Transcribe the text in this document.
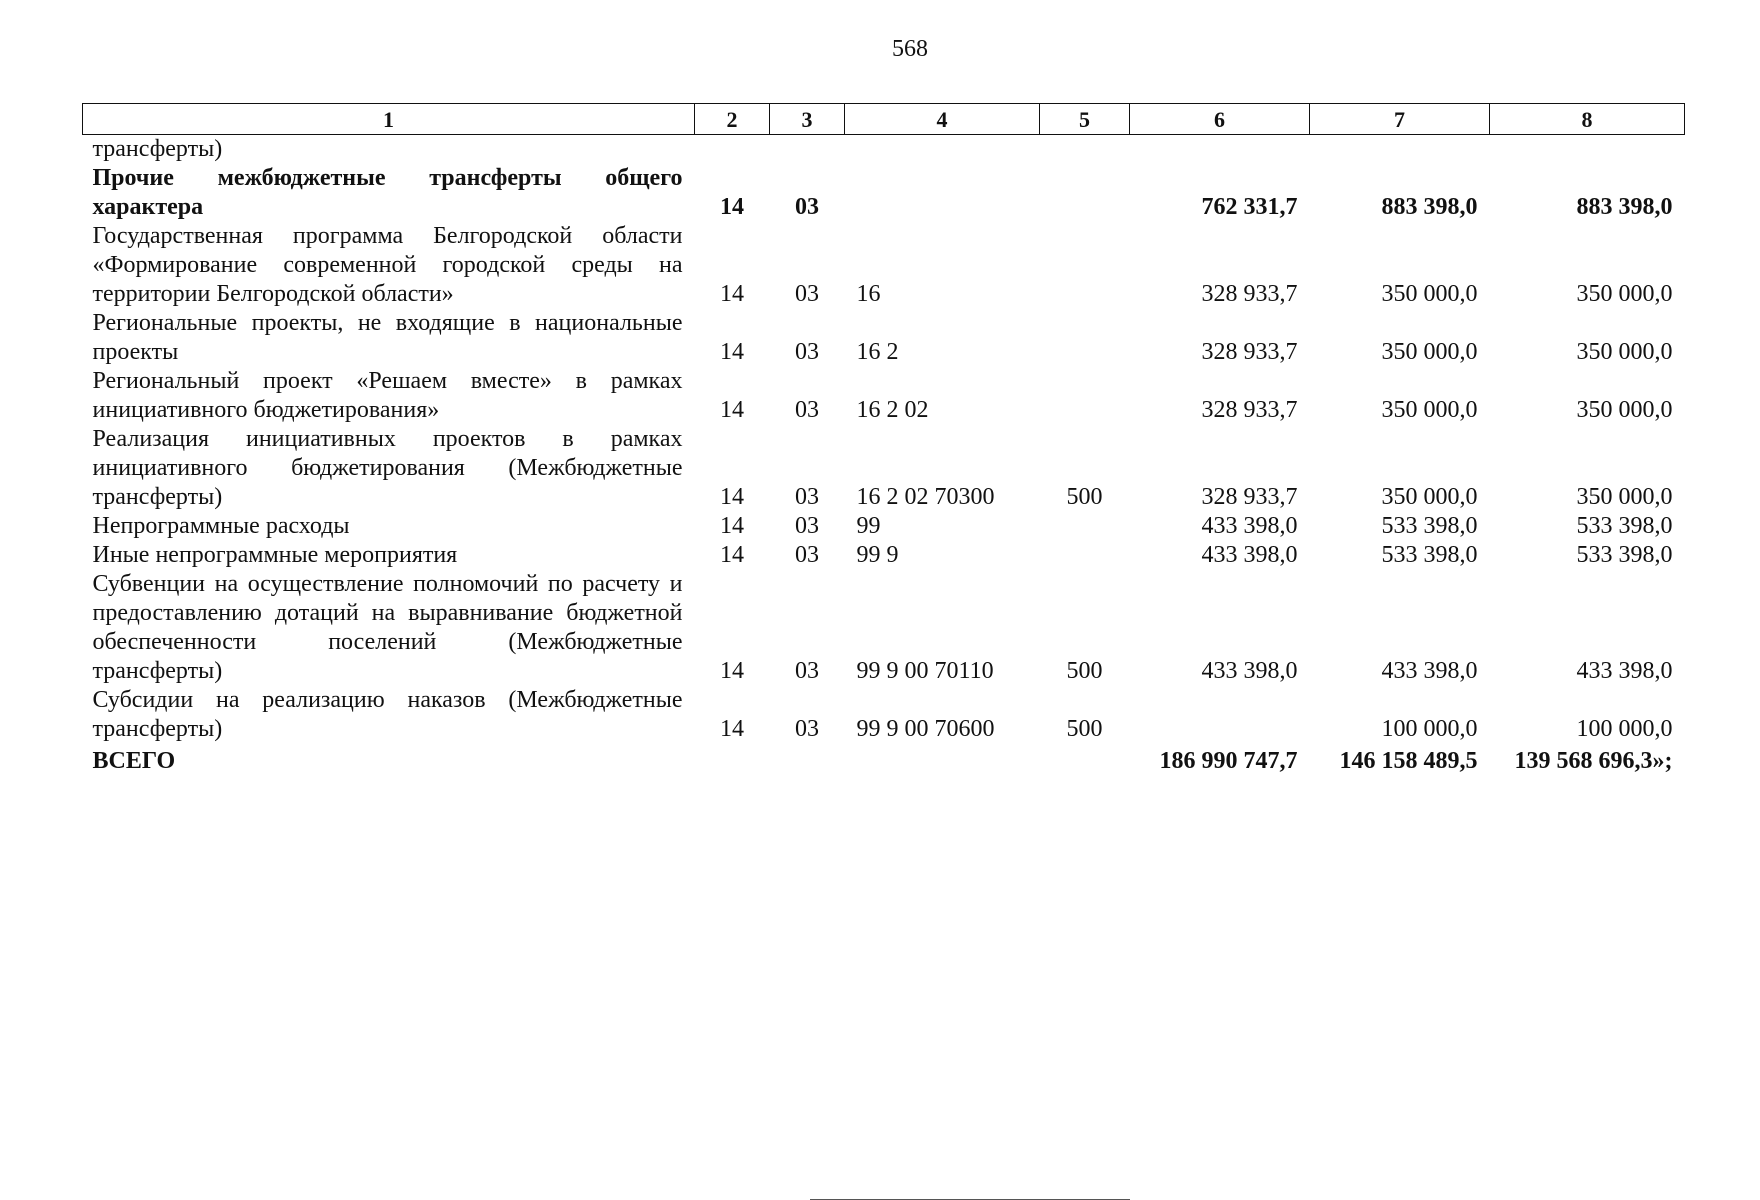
568
1	2	3	4	5	6	7	8
трансферты)							
Прочие межбюджетные трансферты общего характера	14	03			762 331,7	883 398,0	883 398,0
Государственная программа Белгородской области «Формирование современной городской среды на территории Белгородской области»	14	03	16		328 933,7	350 000,0	350 000,0
Региональные проекты, не входящие в национальные проекты	14	03	16 2		328 933,7	350 000,0	350 000,0
Региональный проект «Решаем вместе» в рамках инициативного бюджетирования»	14	03	16 2 02		328 933,7	350 000,0	350 000,0
Реализация инициативных проектов в рамках инициативного бюджетирования (Межбюджетные трансферты)	14	03	16 2 02 70300	500	328 933,7	350 000,0	350 000,0
Непрограммные расходы	14	03	99		433 398,0	533 398,0	533 398,0
Иные непрограммные мероприятия	14	03	99 9		433 398,0	533 398,0	533 398,0
Субвенции на осуществление полномочий по расчету и предоставлению дотаций на выравнивание бюджетной обеспеченности поселений (Межбюджетные трансферты)	14	03	99 9 00 70110	500	433 398,0	433 398,0	433 398,0
Субсидии на реализацию наказов (Межбюджетные трансферты)	14	03	99 9 00 70600	500		100 000,0	100 000,0
ВСЕГО					186 990 747,7	146 158 489,5	139 568 696,3»;
